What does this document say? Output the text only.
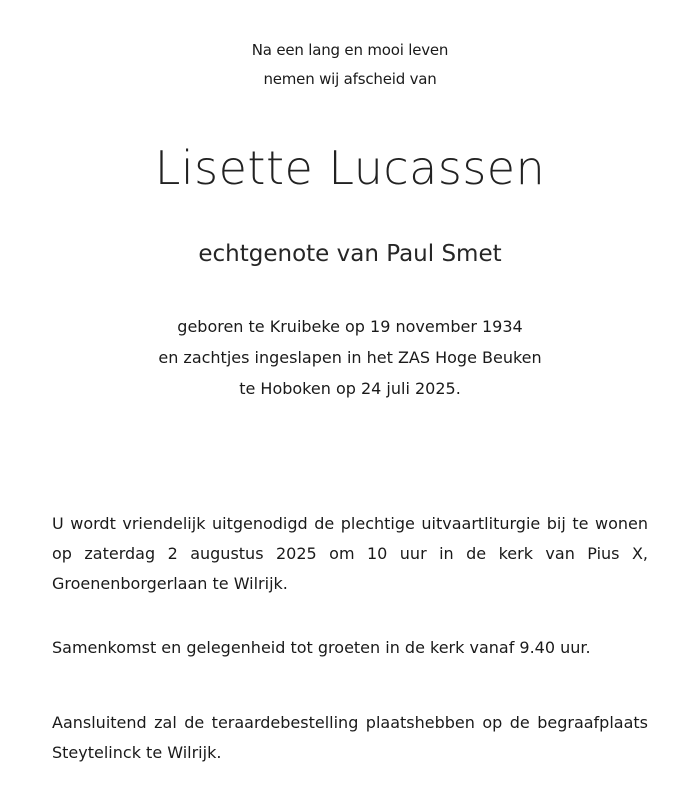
Na een lang en mooi leven
nemen wij afscheid van
Lisette Lucassen
echtgenote van Paul Smet
geboren te Kruibeke op 19 november 1934
en zachtjes ingeslapen in het ZAS Hoge Beuken
te Hoboken op 24 juli 2025.

U wordt vriendelijk uitgenodigd de plechtige uitvaartliturgie bij te wonen op zaterdag 2 augustus 2025 om 10 uur in de kerk van Pius X, Groenenborgerlaan te Wilrijk.

Samenkomst en gelegenheid tot groeten in de kerk vanaf 9.40 uur.

Aansluitend zal de teraardebestelling plaatshebben op de begraafplaats Steytelinck te Wilrijk.
